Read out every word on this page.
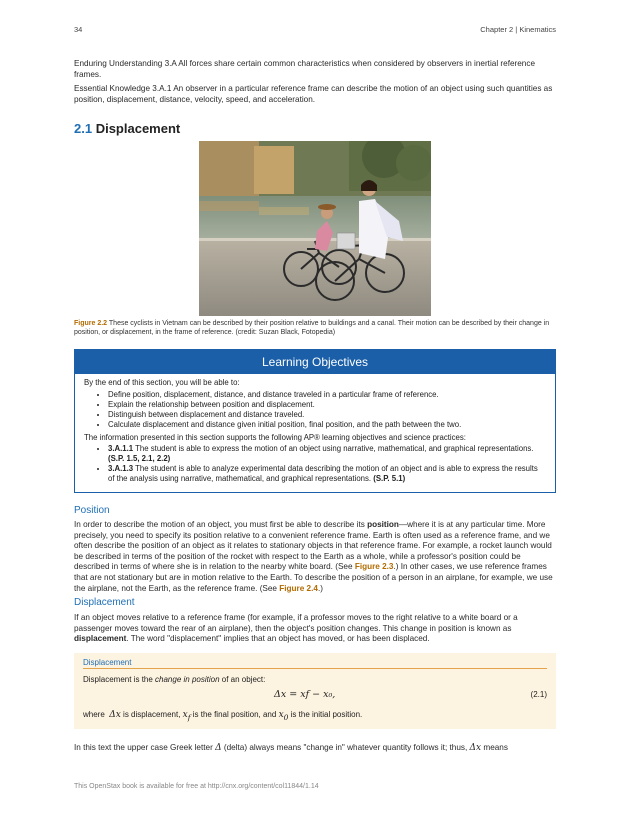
34	Chapter 2 | Kinematics
Enduring Understanding 3.A All forces share certain common characteristics when considered by observers in inertial reference frames.
Essential Knowledge 3.A.1 An observer in a particular reference frame can describe the motion of an object using such quantities as position, displacement, distance, velocity, speed, and acceleration.
2.1 Displacement
Figure 2.2 These cyclists in Vietnam can be described by their position relative to buildings and a canal. Their motion can be described by their change in position, or displacement, in the frame of reference. (credit: Suzan Black, Fotopedia)
Learning Objectives

By the end of this section, you will be able to:

• Define position, displacement, distance, and distance traveled in a particular frame of reference.
• Explain the relationship between position and displacement.
• Distinguish between displacement and distance traveled.
• Calculate displacement and distance given initial position, final position, and the path between the two.

The information presented in this section supports the following AP® learning objectives and science practices:

• 3.A.1.1 The student is able to express the motion of an object using narrative, mathematical, and graphical representations. (S.P. 1.5, 2.1, 2.2)
• 3.A.1.3 The student is able to analyze experimental data describing the motion of an object and is able to express the results of the analysis using narrative, mathematical, and graphical representations. (S.P. 5.1)
Position
In order to describe the motion of an object, you must first be able to describe its position—where it is at any particular time. More precisely, you need to specify its position relative to a convenient reference frame. Earth is often used as a reference frame, and we often describe the position of an object as it relates to stationary objects in that reference frame. For example, a rocket launch would be described in terms of the position of the rocket with respect to the Earth as a whole, while a professor's position could be described in terms of where she is in relation to the nearby white board. (See Figure 2.3.) In other cases, we use reference frames that are not stationary but are in motion relative to the Earth. To describe the position of a person in an airplane, for example, we use the airplane, not the Earth, as the reference frame. (See Figure 2.4.)
Displacement
If an object moves relative to a reference frame (for example, if a professor moves to the right relative to a white board or a passenger moves toward the rear of an airplane), then the object's position changes. This change in position is known as displacement. The word "displacement" implies that an object has moved, or has been displaced.
Displacement
Displacement is the change in position of an object:
Δx = xf − x₀,	(2.1)
where Δx is displacement, $x_f$ is the final position, and $x_0$ is the initial position.
In this text the upper case Greek letter Δ (delta) always means "change in" whatever quantity follows it; thus, Δx means
This OpenStax book is available for free at http://cnx.org/content/col11844/1.14
